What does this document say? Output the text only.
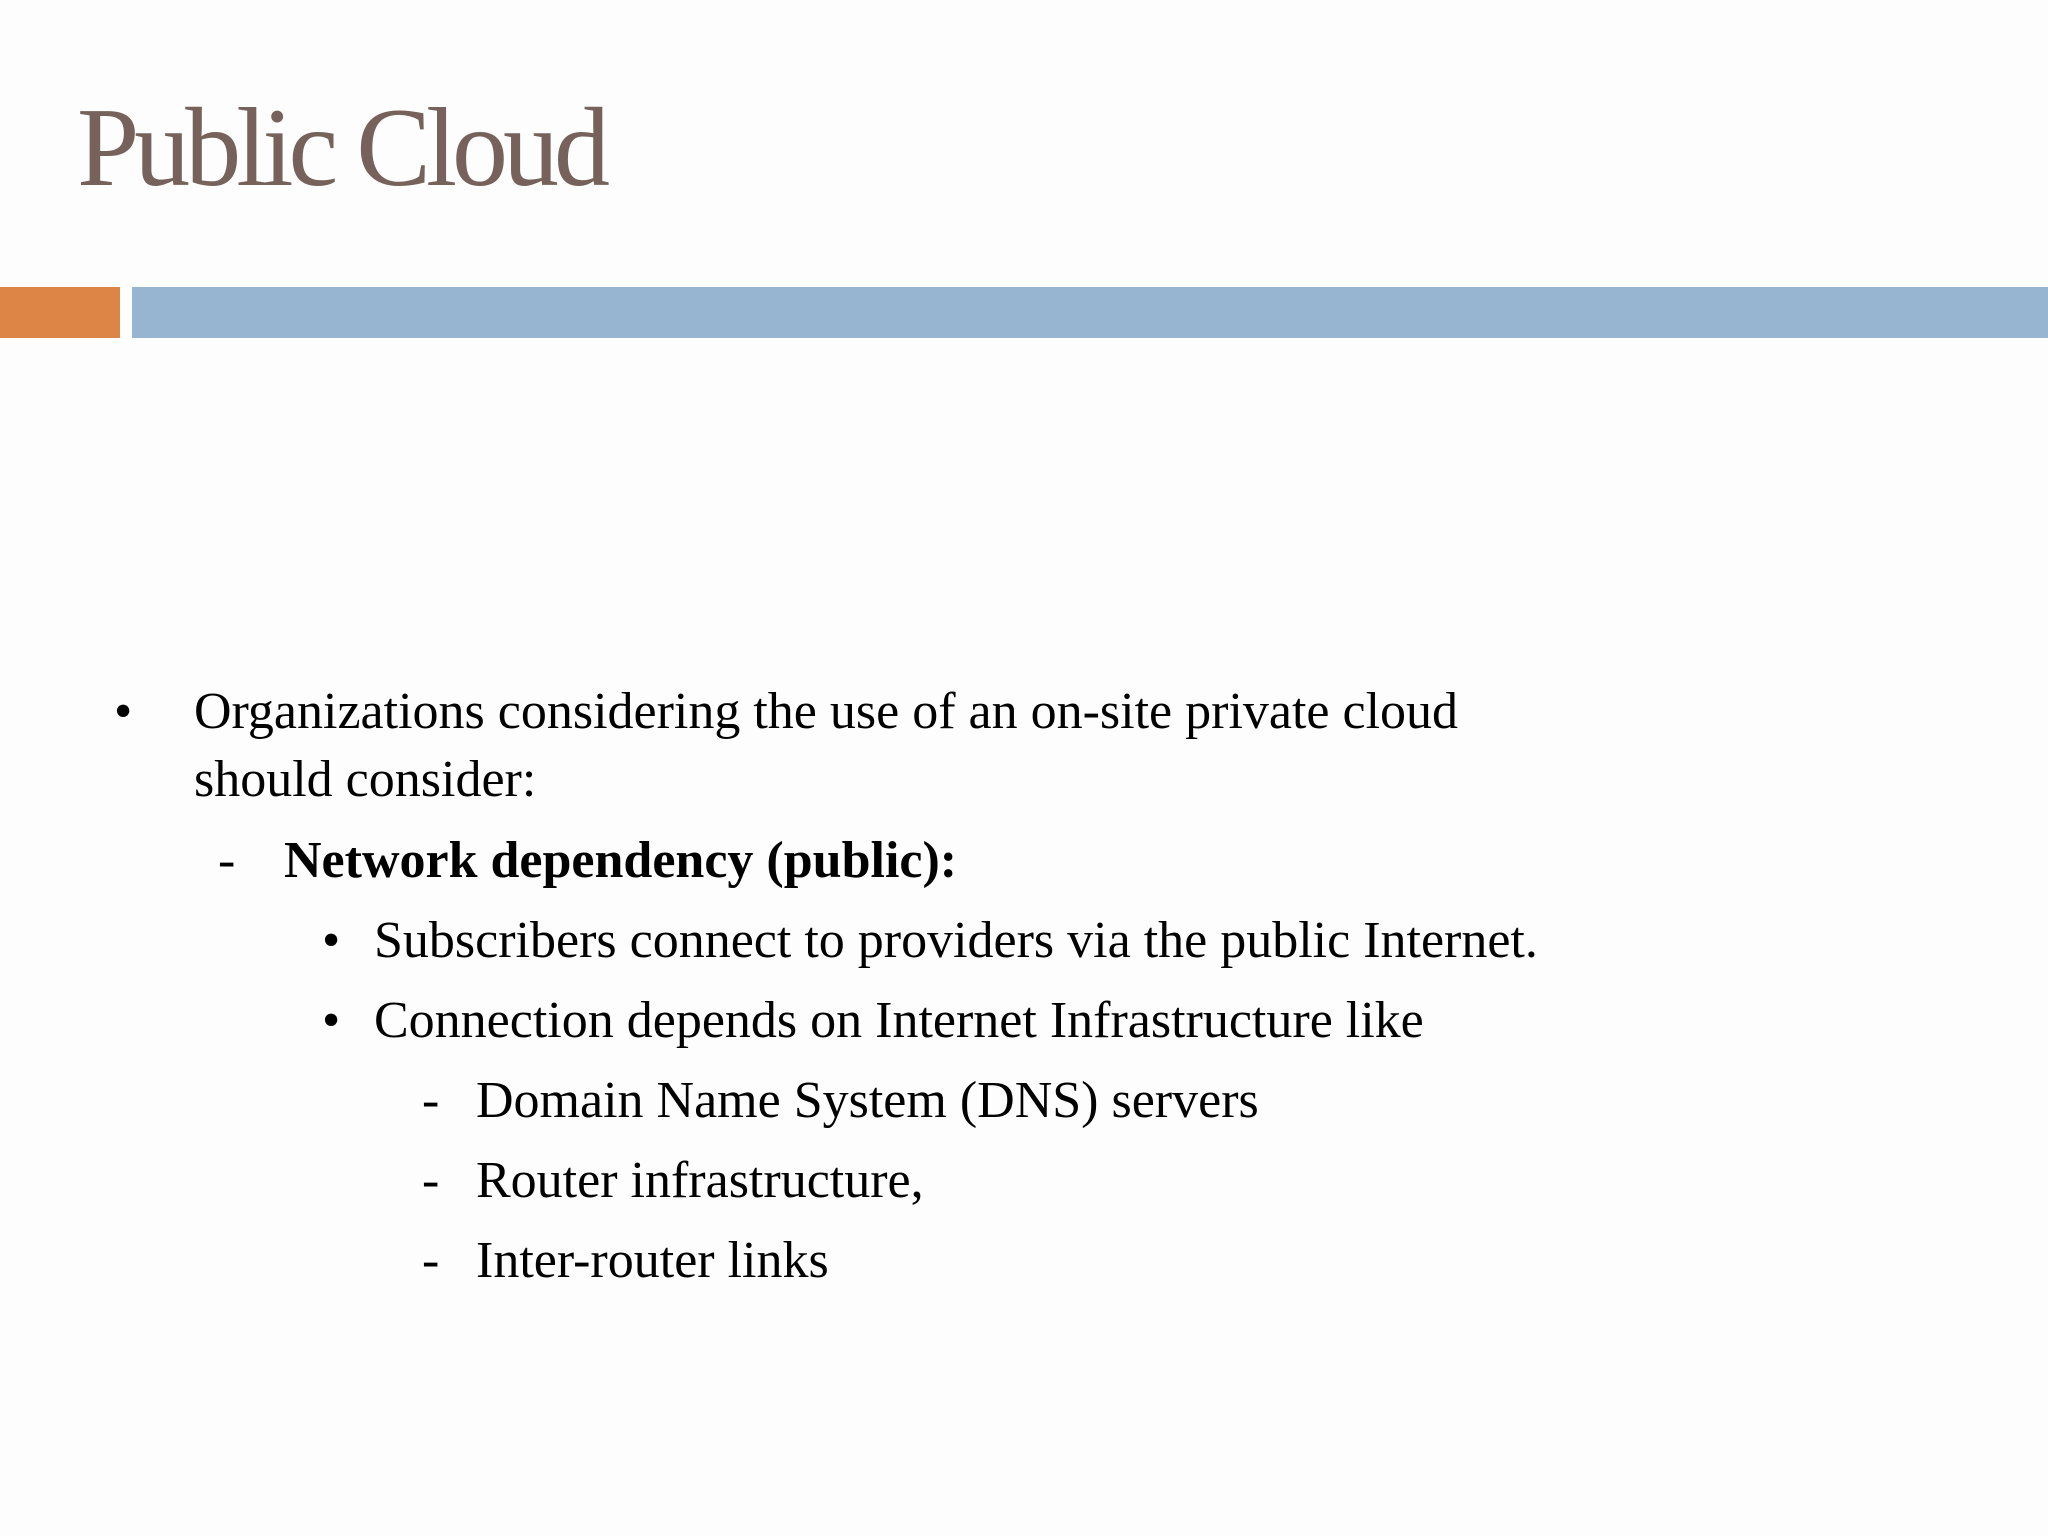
Public Cloud
• Organizations considering the use of an on-site private cloud
should consider:
- Network dependency (public):
• Subscribers connect to providers via the public Internet.
• Connection depends on Internet Infrastructure like
- Domain Name System (DNS) servers
- Router infrastructure,
- Inter-router links
